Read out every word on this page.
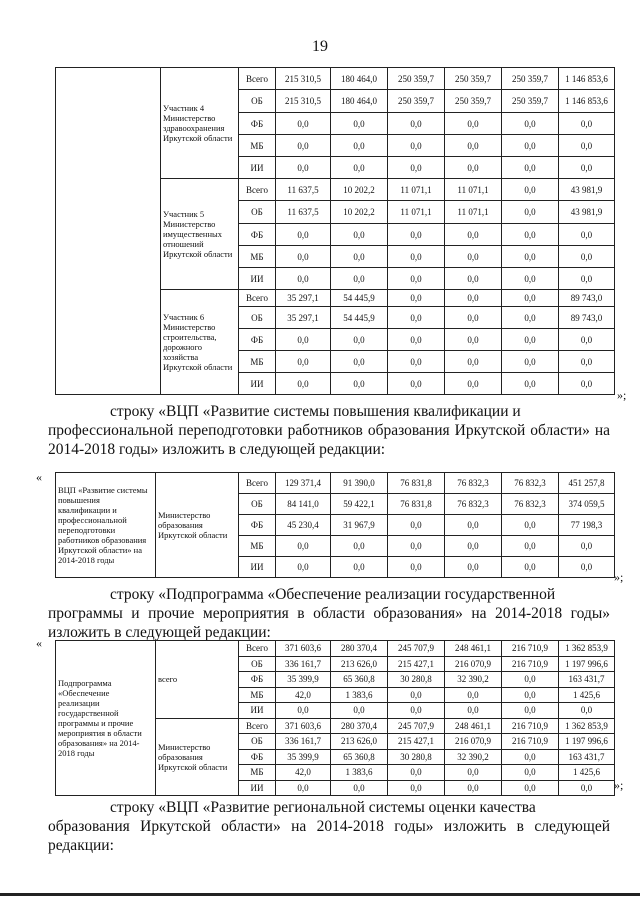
19
	Участник 4 Министерство здравоохранения Иркутской области	Всего	215 310,5	180 464,0	250 359,7	250 359,7	250 359,7	1 146 853,6
		ОБ	215 310,5	180 464,0	250 359,7	250 359,7	250 359,7	1 146 853,6
		ФБ	0,0	0,0	0,0	0,0	0,0	0,0
		МБ	0,0	0,0	0,0	0,0	0,0	0,0
		ИИ	0,0	0,0	0,0	0,0	0,0	0,0
	Участник 5 Министерство имущественных отношений Иркутской области	Всего	11 637,5	10 202,2	11 071,1	11 071,1	0,0	43 981,9
		ОБ	11 637,5	10 202,2	11 071,1	11 071,1	0,0	43 981,9
		ФБ	0,0	0,0	0,0	0,0	0,0	0,0
		МБ	0,0	0,0	0,0	0,0	0,0	0,0
		ИИ	0,0	0,0	0,0	0,0	0,0	0,0
	Участник 6 Министерство строительства, дорожного хозяйства Иркутской области	Всего	35 297,1	54 445,9	0,0	0,0	0,0	89 743,0
		ОБ	35 297,1	54 445,9	0,0	0,0	0,0	89 743,0
		ФБ	0,0	0,0	0,0	0,0	0,0	0,0
		МБ	0,0	0,0	0,0	0,0	0,0	0,0
		ИИ	0,0	0,0	0,0	0,0	0,0	0,0
»;
строку «ВЦП «Развитие системы повышения квалификации и
профессиональной переподготовки работников образования Иркутской области» на 2014-2018 годы» изложить в следующей редакции:
«
ВЦП «Развитие системы повышения квалификации и профессиональной переподготовки работников образования Иркутской области» на 2014-2018 годы	Министерство образования Иркутской области	Всего	129 371,4	91 390,0	76 831,8	76 832,3	76 832,3	451 257,8
		ОБ	84 141,0	59 422,1	76 831,8	76 832,3	76 832,3	374 059,5
		ФБ	45 230,4	31 967,9	0,0	0,0	0,0	77 198,3
		МБ	0,0	0,0	0,0	0,0	0,0	0,0
		ИИ	0,0	0,0	0,0	0,0	0,0	0,0
»;
строку «Подпрограмма «Обеспечение реализации государственной
программы и прочие мероприятия в области образования» на 2014-2018 годы» изложить в следующей редакции:
«
Подпрограмма «Обеспечение реализации государственной программы и прочие мероприятия в области образования» на 2014-2018 годы	всего	Всего	371 603,6	280 370,4	245 707,9	248 461,1	216 710,9	1 362 853,9
		ОБ	336 161,7	213 626,0	215 427,1	216 070,9	216 710,9	1 197 996,6
		ФБ	35 399,9	65 360,8	30 280,8	32 390,2	0,0	163 431,7
		МБ	42,0	1 383,6	0,0	0,0	0,0	1 425,6
		ИИ	0,0	0,0	0,0	0,0	0,0	0,0
	Министерство образования Иркутской области	Всего	371 603,6	280 370,4	245 707,9	248 461,1	216 710,9	1 362 853,9
		ОБ	336 161,7	213 626,0	215 427,1	216 070,9	216 710,9	1 197 996,6
		ФБ	35 399,9	65 360,8	30 280,8	32 390,2	0,0	163 431,7
		МБ	42,0	1 383,6	0,0	0,0	0,0	1 425,6
		ИИ	0,0	0,0	0,0	0,0	0,0	0,0 »;
строку «ВЦП «Развитие региональной системы оценки качества
образования Иркутской области» на 2014-2018 годы» изложить в следующей редакции:
